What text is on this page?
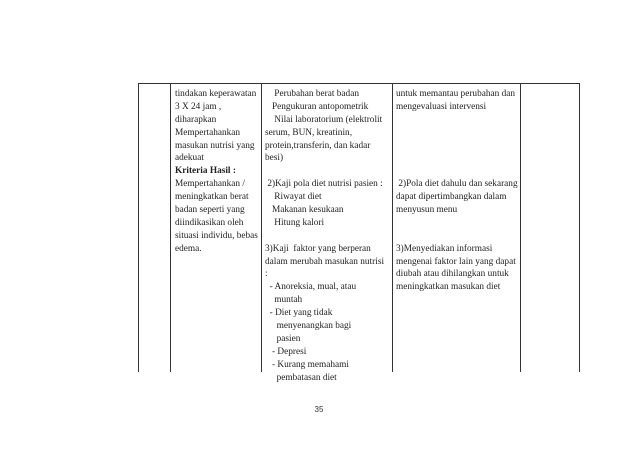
tindakan keperawatan
3 X 24 jam ,
diharapkan
Mempertahankan
masukan nutrisi yang
adekuat
Kriteria Hasil :
Mempertahankan /
meningkatkan berat
badan seperti yang
diindikasikan oleh
situasi individu, bebas
edema.
Perubahan berat badan
Pengukuran antopometrik
Nilai laboratorium (elektrolit
serum, BUN, kreatinin,
protein,transferin, dan kadar
besi)
2)Kaji pola diet nutrisi pasien :
Riwayat diet
Makanan kesukaan
Hitung kalori
3)Kaji  faktor yang berperan
dalam merubah masukan nutrisi
:
- Anoreksia, mual, atau
muntah
- Diet yang tidak
menyenangkan bagi
pasien
- Depresi
- Kurang memahami
pembatasan diet
untuk memantau perubahan dan
mengevaluasi intervensi
2)Pola diet dahulu dan sekarang
dapat dipertimbangkan dalam
menyusun menu
3)Menyediakan informasi
mengenai faktor lain yang dapat
diubah atau dihilangkan untuk
meningkatkan masukan diet
35
